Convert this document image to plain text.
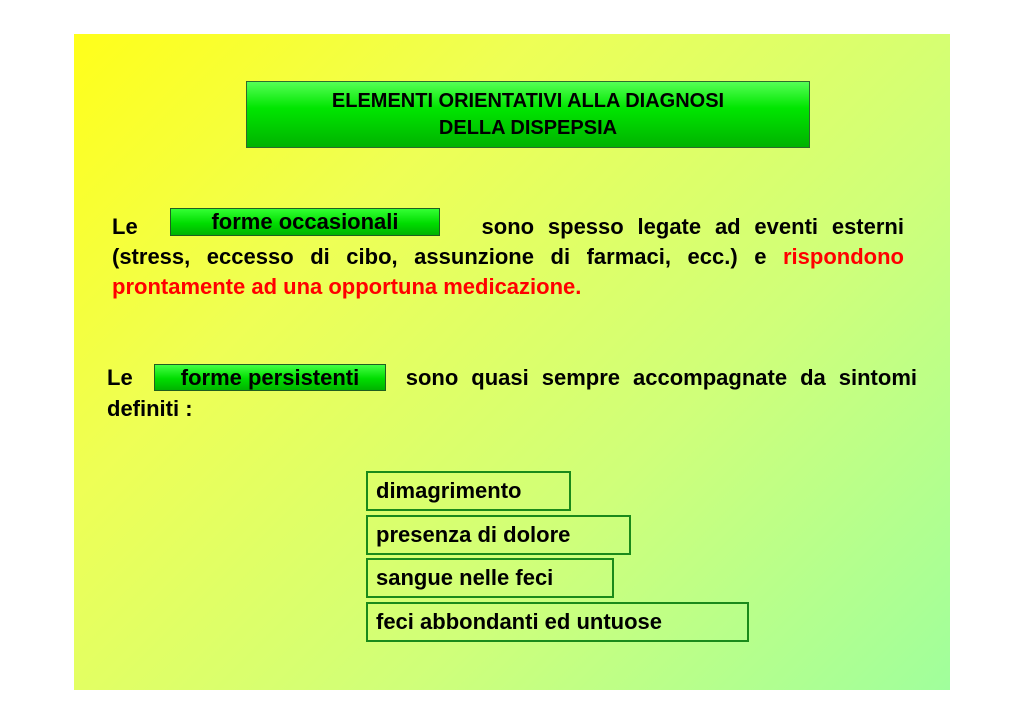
ELEMENTI ORIENTATIVI ALLA DIAGNOSI
DELLA DISPEPSIA
Le	sono spesso legate ad eventi esterni (stress, eccesso di cibo, assunzione di farmaci, ecc.) e rispondono prontamente ad una opportuna medicazione.
forme occasionali
Le	sono quasi sempre accompagnate da sintomi definiti :
forme persistenti
dimagrimento
presenza di dolore
sangue nelle feci
feci abbondanti ed untuose
